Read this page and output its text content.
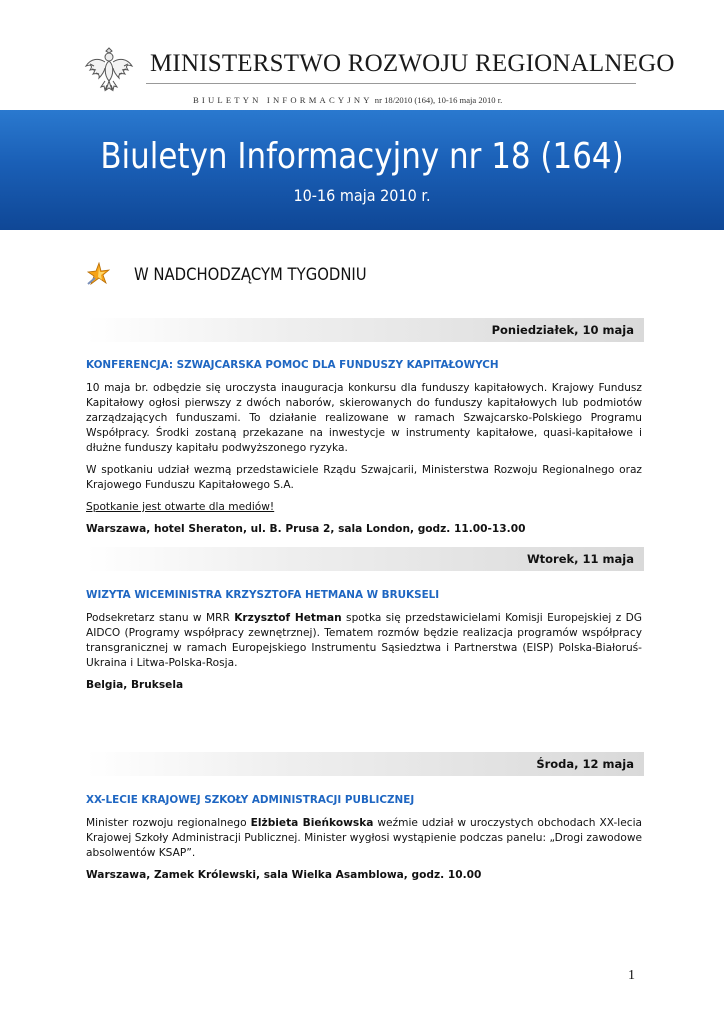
MINISTERSTWO ROZWOJU REGIONALNEGO
BIULETYN INFORMACYJNY nr 18/2010 (164), 10-16 maja 2010 r.
Biuletyn Informacyjny nr 18 (164)
10-16 maja 2010 r.
W NADCHODZĄCYM TYGODNIU
Poniedziałek, 10 maja
KONFERENCJA: SZWAJCARSKA POMOC DLA FUNDUSZY KAPITAŁOWYCH

10 maja br. odbędzie się uroczysta inauguracja konkursu dla funduszy kapitałowych. Krajowy Fundusz Kapitałowy ogłosi pierwszy z dwóch naborów, skierowanych do funduszy kapitałowych lub podmiotów zarządzających funduszami. To działanie realizowane w ramach Szwajcarsko-Polskiego Programu Współpracy. Środki zostaną przekazane na inwestycje w instrumenty kapitałowe, quasi-kapitałowe i dłużne funduszy kapitału podwyższonego ryzyka.

W spotkaniu udział wezmą przedstawiciele Rządu Szwajcarii, Ministerstwa Rozwoju Regionalnego oraz Krajowego Funduszu Kapitałowego S.A.

Spotkanie jest otwarte dla mediów!

Warszawa, hotel Sheraton, ul. B. Prusa 2, sala London, godz. 11.00-13.00

Wtorek, 11 maja
WIZYTA WICEMINISTRA KRZYSZTOFA HETMANA W BRUKSELI

Podsekretarz stanu w MRR Krzysztof Hetman spotka się przedstawicielami Komisji Europejskiej z DG AIDCO (Programy współpracy zewnętrznej). Tematem rozmów będzie realizacja programów współpracy transgranicznej w ramach Europejskiego Instrumentu Sąsiedztwa i Partnerstwa (EISP) Polska-Białoruś-Ukraina i Litwa-Polska-Rosja.

Belgia, Bruksela

Środa, 12 maja
XX-LECIE KRAJOWEJ SZKOŁY ADMINISTRACJI PUBLICZNEJ

Minister rozwoju regionalnego Elżbieta Bieńkowska weźmie udział w uroczystych obchodach XX-lecia Krajowej Szkoły Administracji Publicznej. Minister wygłosi wystąpienie podczas panelu: „Drogi zawodowe absolwentów KSAP”.

Warszawa, Zamek Królewski, sala Wielka Asamblowa, godz. 10.00

1
